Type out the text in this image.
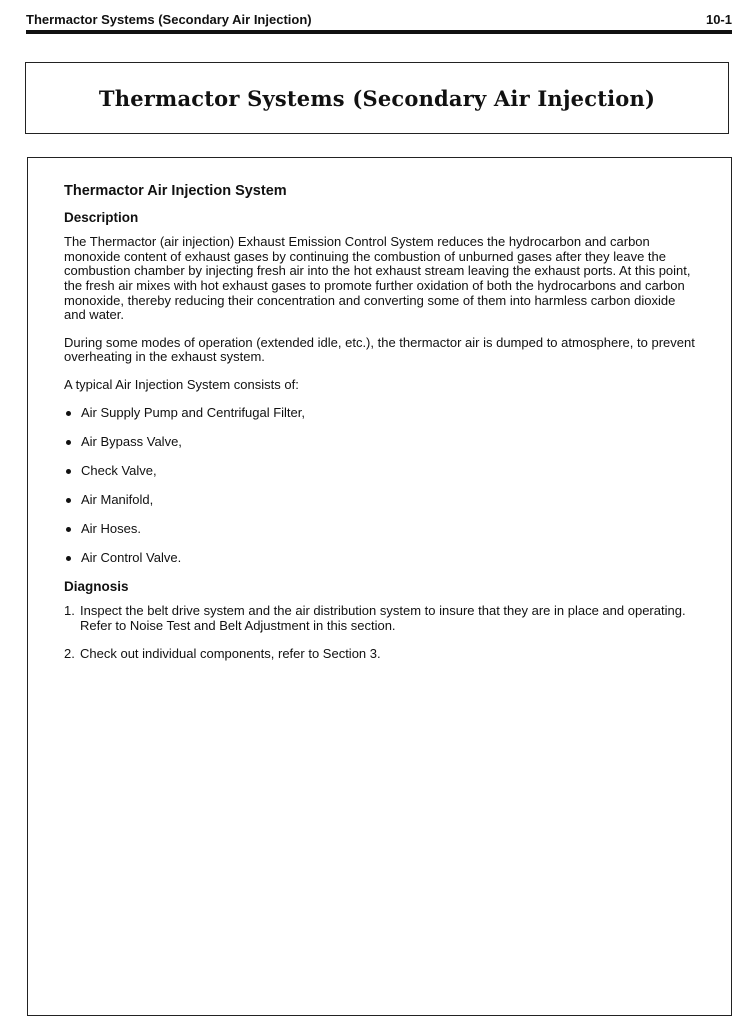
Thermactor Systems (Secondary Air Injection)	10-1
Thermactor Systems (Secondary Air Injection)
Thermactor Air Injection System
Description

The Thermactor (air injection) Exhaust Emission Control System reduces the hydrocarbon and carbon monoxide content of exhaust gases by continuing the combustion of unburned gases after they leave the combustion chamber by injecting fresh air into the hot exhaust stream leaving the exhaust ports. At this point, the fresh air mixes with hot exhaust gases to promote further oxidation of both the hydrocarbons and carbon monoxide, thereby reducing their concentration and converting some of them into harmless carbon dioxide and water.

During some modes of operation (extended idle, etc.), the thermactor air is dumped to atmosphere, to prevent overheating in the exhaust system.

A typical Air Injection System consists of:

Air Supply Pump and Centrifugal Filter,
Air Bypass Valve,
Check Valve,
Air Manifold,
Air Hoses.
Air Control Valve.
Diagnosis
1. Inspect the belt drive system and the air distribution system to insure that they are in place and operating. Refer to Noise Test and Belt Adjustment in this section.
2. Check out individual components, refer to Section 3.
